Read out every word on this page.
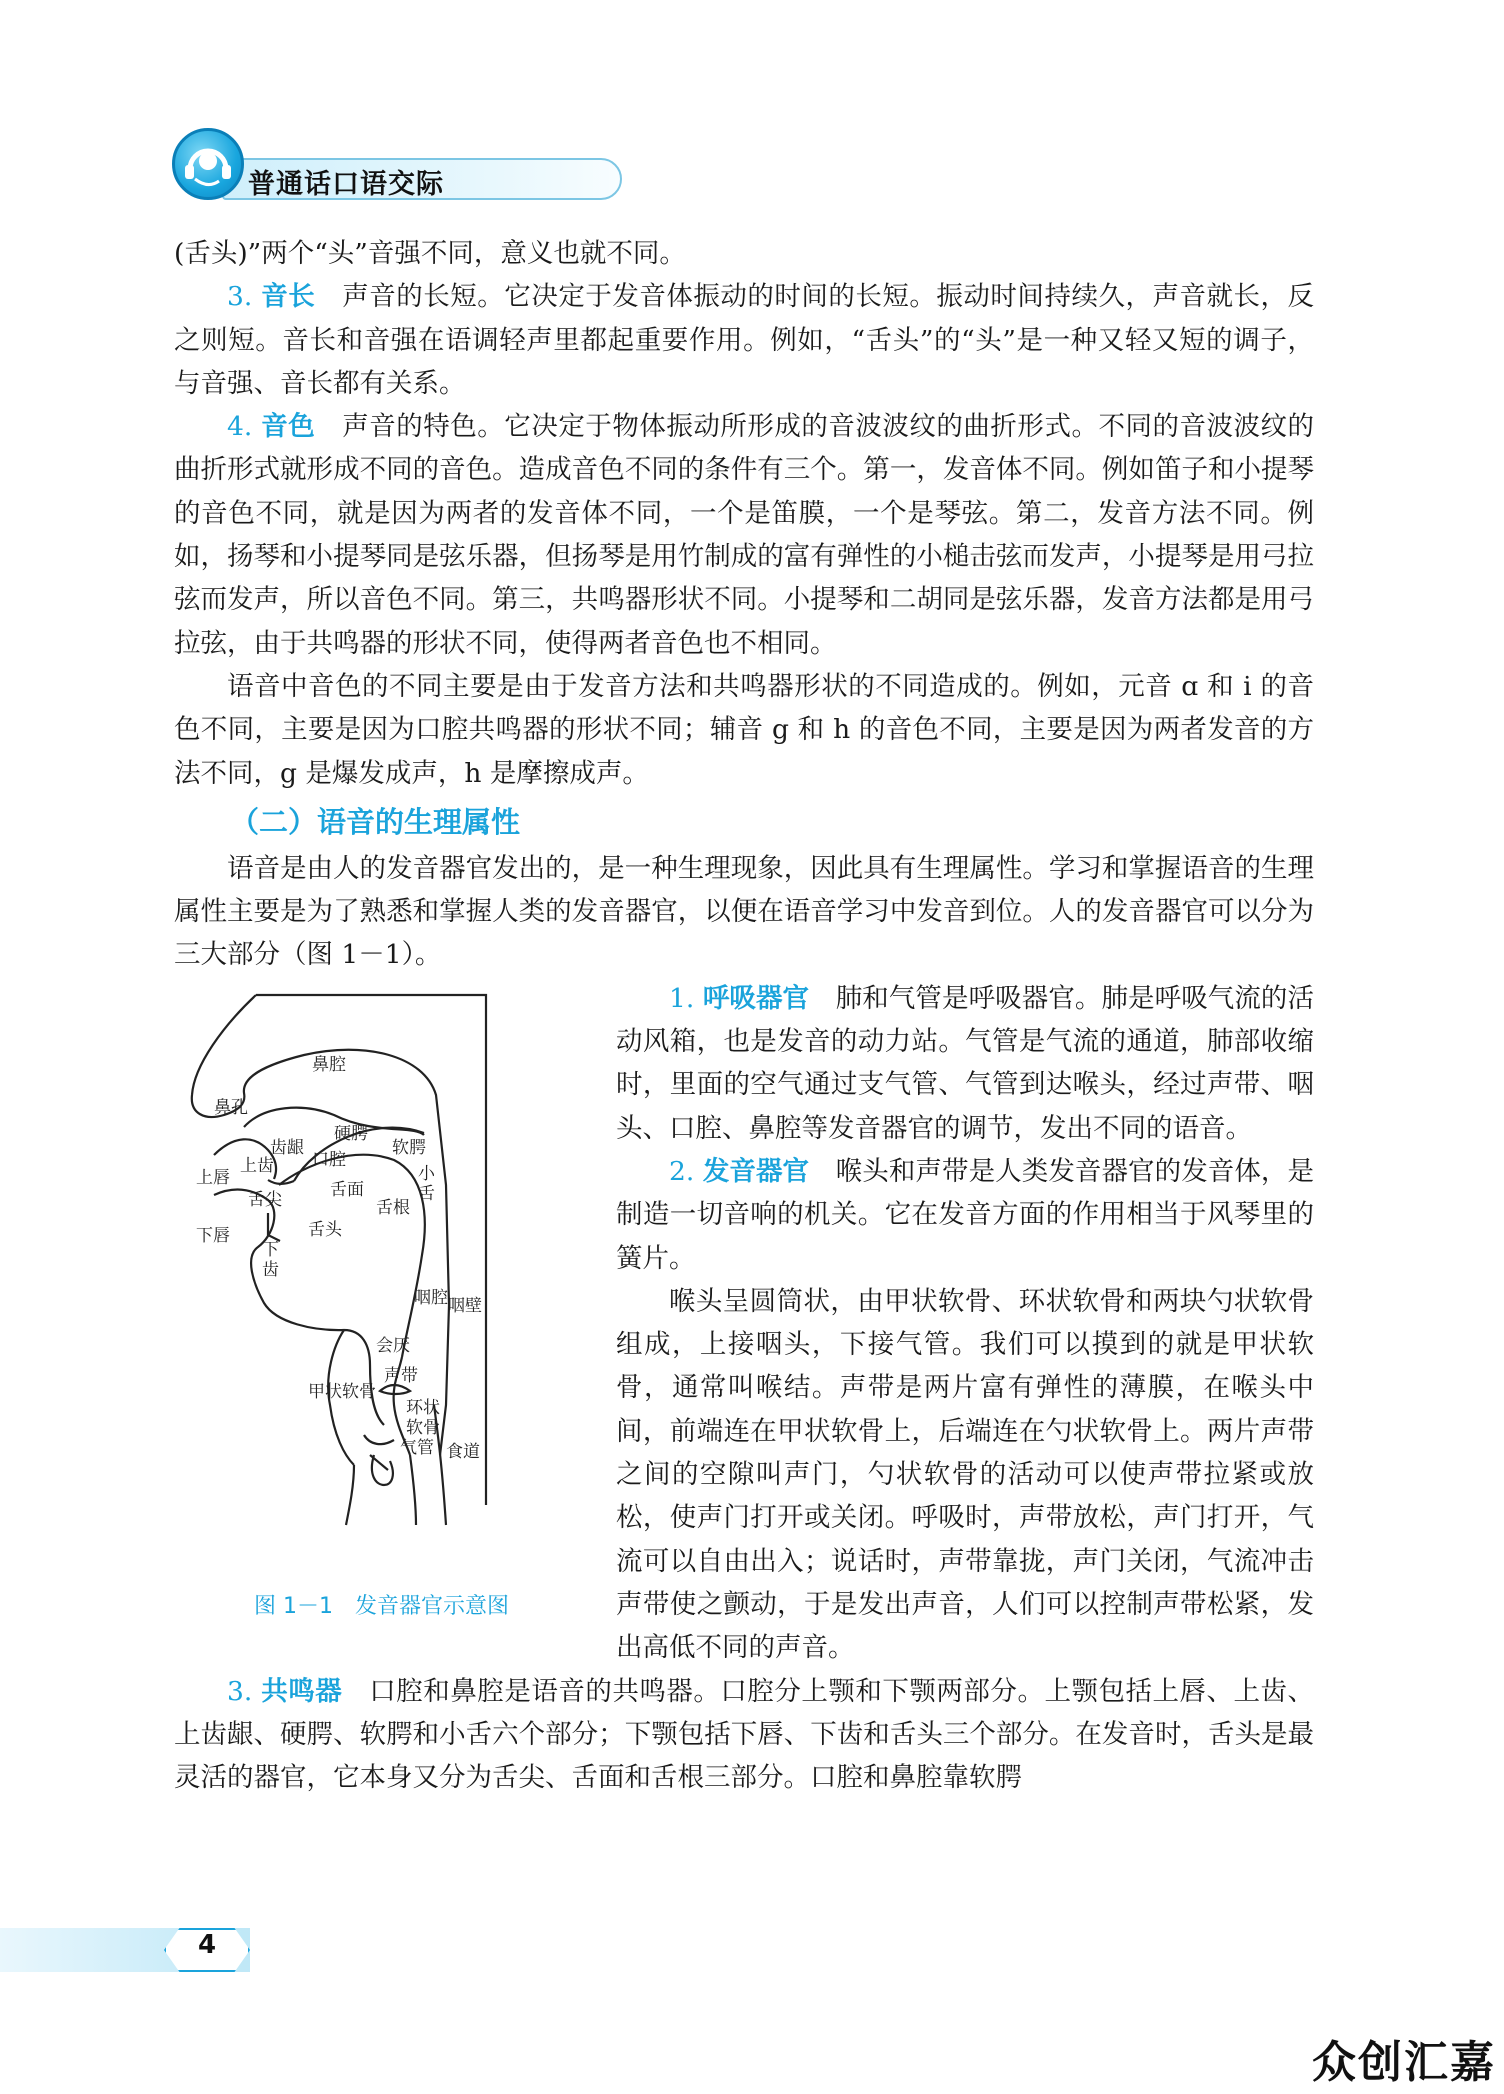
普通话口语交际

(舌头)”两个“头”音强不同，意义也就不同。

3. 音长　 声音的长短。它决定于发音体振动的时间的长短。振动时间持续久，声音就长，反之则短。音长和音强在语调轻声里都起重要作用。例如，“舌头”的“头”是一种又轻又短的调子，与音强、音长都有关系。

4. 音色　 声音的特色。它决定于物体振动所形成的音波波纹的曲折形式。不同的音波波纹的曲折形式就形成不同的音色。造成音色不同的条件有三个。第一，发音体不同。例如笛子和小提琴的音色不同，就是因为两者的发音体不同，一个是笛膜，一个是琴弦。第二，发音方法不同。例如，扬琴和小提琴同是弦乐器，但扬琴是用竹制成的富有弹性的小槌击弦而发声，小提琴是用弓拉弦而发声，所以音色不同。第三，共鸣器形状不同。小提琴和二胡同是弦乐器，发音方法都是用弓拉弦，由于共鸣器的形状不同，使得两者音色也不相同。

语音中音色的不同主要是由于发音方法和共鸣器形状的不同造成的。例如，元音 ɑ 和 i 的音色不同，主要是因为口腔共鸣器的形状不同；辅音 g 和 h 的音色不同，主要是因为两者发音的方法不同，g 是爆发成声，h 是摩擦成声。

（二）语音的生理属性

语音是由人的发音器官发出的，是一种生理现象，因此具有生理属性。学习和掌握语音的生理属性主要是为了熟悉和掌握人类的发音器官，以便在语音学习中发音到位。人的发音器官可以分为三大部分（图 1－1）。

鼻腔
鼻孔
硬腭
齿龈	软腭
上齿 口腔
小
舌
上唇
舌尖	舌面
舌根
下唇	舌头
下
齿
咽腔 咽壁
会厌
声带
甲状软骨
环状
软骨
气管 食道
图 1－1　发音器官示意图

1. 呼吸器官　 肺和气管是呼吸器官。肺是呼吸气流的活动风箱，也是发音的动力站。气管是气流的通道，肺部收缩时，里面的空气通过支气管、气管到达喉头，经过声带、咽头、口腔、鼻腔等发音器官的调节，发出不同的语音。

2. 发音器官　 喉头和声带是人类发音器官的发音体，是制造一切音响的机关。它在发音方面的作用相当于风琴里的簧片。

喉头呈圆筒状，由甲状软骨、环状软骨和两块勺状软骨组成，上接咽头，下接气管。我们可以摸到的就是甲状软骨，通常叫喉结。声带是两片富有弹性的薄膜，在喉头中间，前端连在甲状软骨上，后端连在勺状软骨上。两片声带之间的空隙叫声门，勺状软骨的活动可以使声带拉紧或放松，使声门打开或关闭。呼吸时，声带放松，声门打开，气流可以自由出入；说话时，声带靠拢，声门关闭，气流冲击声带使之颤动，于是发出声音，人们可以控制声带松紧，发出高低不同的声音。

3. 共鸣器　 口腔和鼻腔是语音的共鸣器。口腔分上颚和下颚两部分。上颚包括上唇、上齿、上齿龈、硬腭、软腭和小舌六个部分；下颚包括下唇、下齿和舌头三个部分。在发音时，舌头是最灵活的器官，它本身又分为舌尖、舌面和舌根三部分。口腔和鼻腔靠软腭

4
众创汇嘉
